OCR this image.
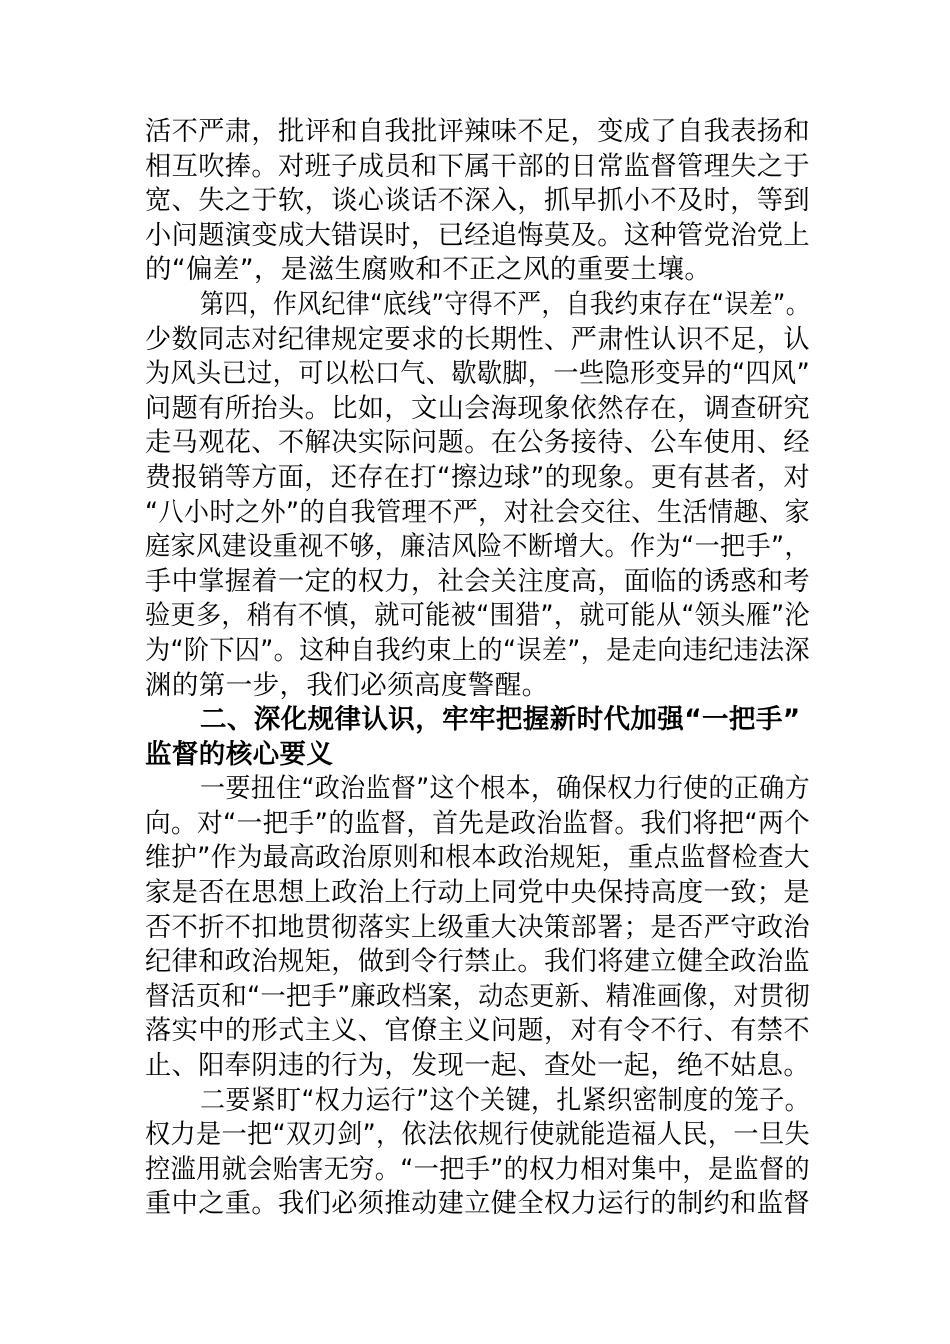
活不严肃，批评和自我批评辣味不足，变成了自我表扬和
相互吹捧。对班子成员和下属干部的日常监督管理失之于
宽、失之于软，谈心谈话不深入，抓早抓小不及时，等到
小问题演变成大错误时，已经追悔莫及。这种管党治党上
的“偏差”，是滋生腐败和不正之风的重要土壤。
第四，作风纪律“底线”守得不严，自我约束存在“误差”。
少数同志对纪律规定要求的长期性、严肃性认识不足，认
为风头已过，可以松口气、歇歇脚，一些隐形变异的“四风”
问题有所抬头。比如，文山会海现象依然存在，调查研究
走马观花、不解决实际问题。在公务接待、公车使用、经
费报销等方面，还存在打“擦边球”的现象。更有甚者，对
“八小时之外”的自我管理不严，对社会交往、生活情趣、家
庭家风建设重视不够，廉洁风险不断增大。作为“一把手”，
手中掌握着一定的权力，社会关注度高，面临的诱惑和考
验更多，稍有不慎，就可能被“围猎”，就可能从“领头雁”沦
为“阶下囚”。这种自我约束上的“误差”，是走向违纪违法深
渊的第一步，我们必须高度警醒。
二、深化规律认识，牢牢把握新时代加强“一把手”
监督的核心要义
一要扭住“政治监督”这个根本，确保权力行使的正确方
向。对“一把手”的监督，首先是政治监督。我们将把“两个
维护”作为最高政治原则和根本政治规矩，重点监督检查大
家是否在思想上政治上行动上同党中央保持高度一致；是
否不折不扣地贯彻落实上级重大决策部署；是否严守政治
纪律和政治规矩，做到令行禁止。我们将建立健全政治监
督活页和“一把手”廉政档案，动态更新、精准画像，对贯彻
落实中的形式主义、官僚主义问题，对有令不行、有禁不
止、阳奉阴违的行为，发现一起、查处一起，绝不姑息。
二要紧盯“权力运行”这个关键，扎紧织密制度的笼子。
权力是一把“双刃剑”，依法依规行使就能造福人民，一旦失
控滥用就会贻害无穷。“一把手”的权力相对集中，是监督的
重中之重。我们必须推动建立健全权力运行的制约和监督
